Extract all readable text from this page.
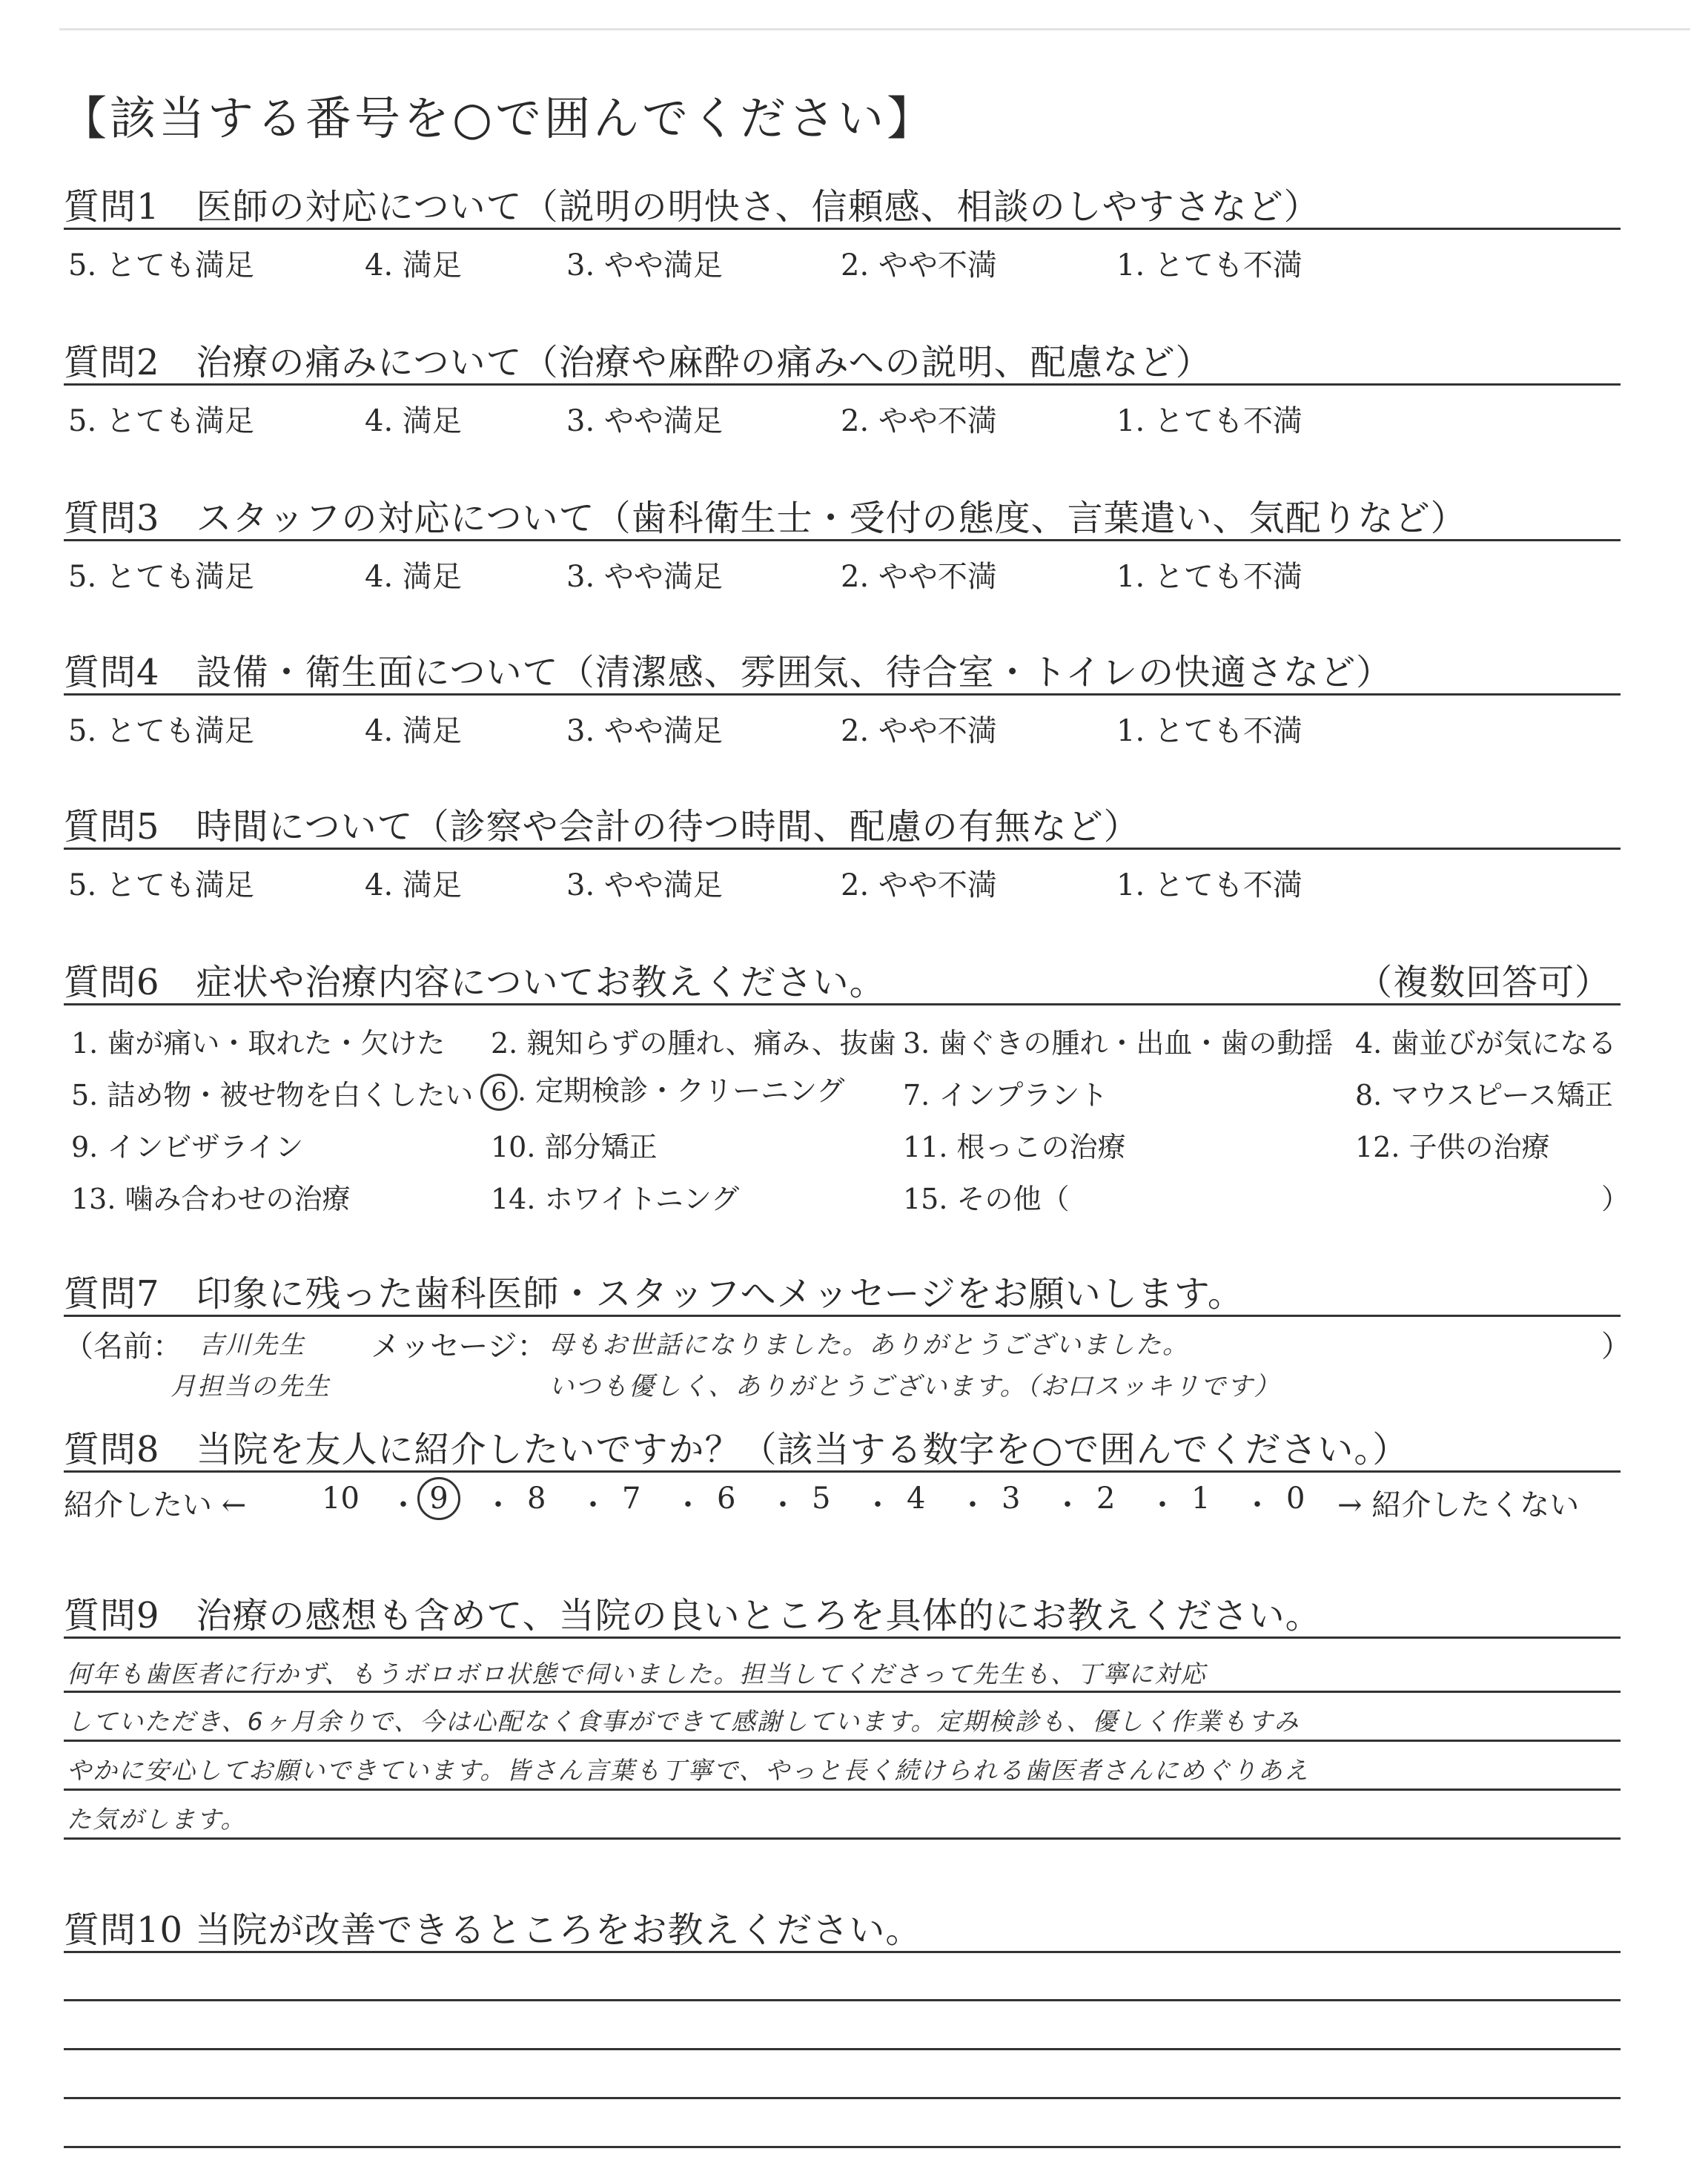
【該当する番号を○で囲んでください】
質問1　医師の対応について（説明の明快さ、信頼感、相談のしやすさなど）
5. とても満足	4. 満足	3. やや満足	2. やや不満	1. とても不満
質問2　治療の痛みについて（治療や麻酔の痛みへの説明、配慮など）
5. とても満足	4. 満足	3. やや満足	2. やや不満	1. とても不満
質問3　スタッフの対応について（歯科衛生士・受付の態度、言葉遣い、気配りなど）
5. とても満足	4. 満足	3. やや満足	2. やや不満	1. とても不満
質問4　設備・衛生面について（清潔感、雰囲気、待合室・トイレの快適さなど）
5. とても満足	4. 満足	3. やや満足	2. やや不満	1. とても不満
質問5　時間について（診察や会計の待つ時間、配慮の有無など）
5. とても満足	4. 満足	3. やや満足	2. やや不満	1. とても不満
質問6　症状や治療内容についてお教えください。	（複数回答可）
1. 歯が痛い・取れた・欠けた 2. 親知らずの腫れ、痛み、抜歯 3. 歯ぐきの腫れ・出血・歯の動揺 4. 歯並びが気になる
5. 詰め物・被せ物を白くしたい 6 . 定期検診・クリーニング 7. インプラント	8. マウスピース矯正
9. インビザライン	10. 部分矯正	11. 根っこの治療	12. 子供の治療
13. 噛み合わせの治療	14. ホワイトニング	15. その他（	）
質問7　印象に残った歯科医師・スタッフへメッセージをお願いします。
（名前： 吉川先生
月担当の先生
メッセージ： 母もお世話になりました。ありがとうございました。
いつも優しく、ありがとうございます。（お口スッキリです）
）
質問8　当院を友人に紹介したいですか？（該当する数字を○で囲んでください。）
紹介したい ←	10 ・ 9	・ 8 ・ 7 ・ 6 ・ 5 ・ 4 ・ 3 ・ 2 ・ 1 ・ 0 → 紹介したくない
質問9　治療の感想も含めて、当院の良いところを具体的にお教えください。
何年も歯医者に行かず、もうボロボロ状態で伺いました。担当してくださって先生も、丁寧に対応
していただき、6ヶ月余りで、今は心配なく食事ができて感謝しています。定期検診も、優しく作業もすみ
やかに安心してお願いできています。皆さん言葉も丁寧で、やっと長く続けられる歯医者さんにめぐりあえ
た気がします。
質問10 当院が改善できるところをお教えください。
